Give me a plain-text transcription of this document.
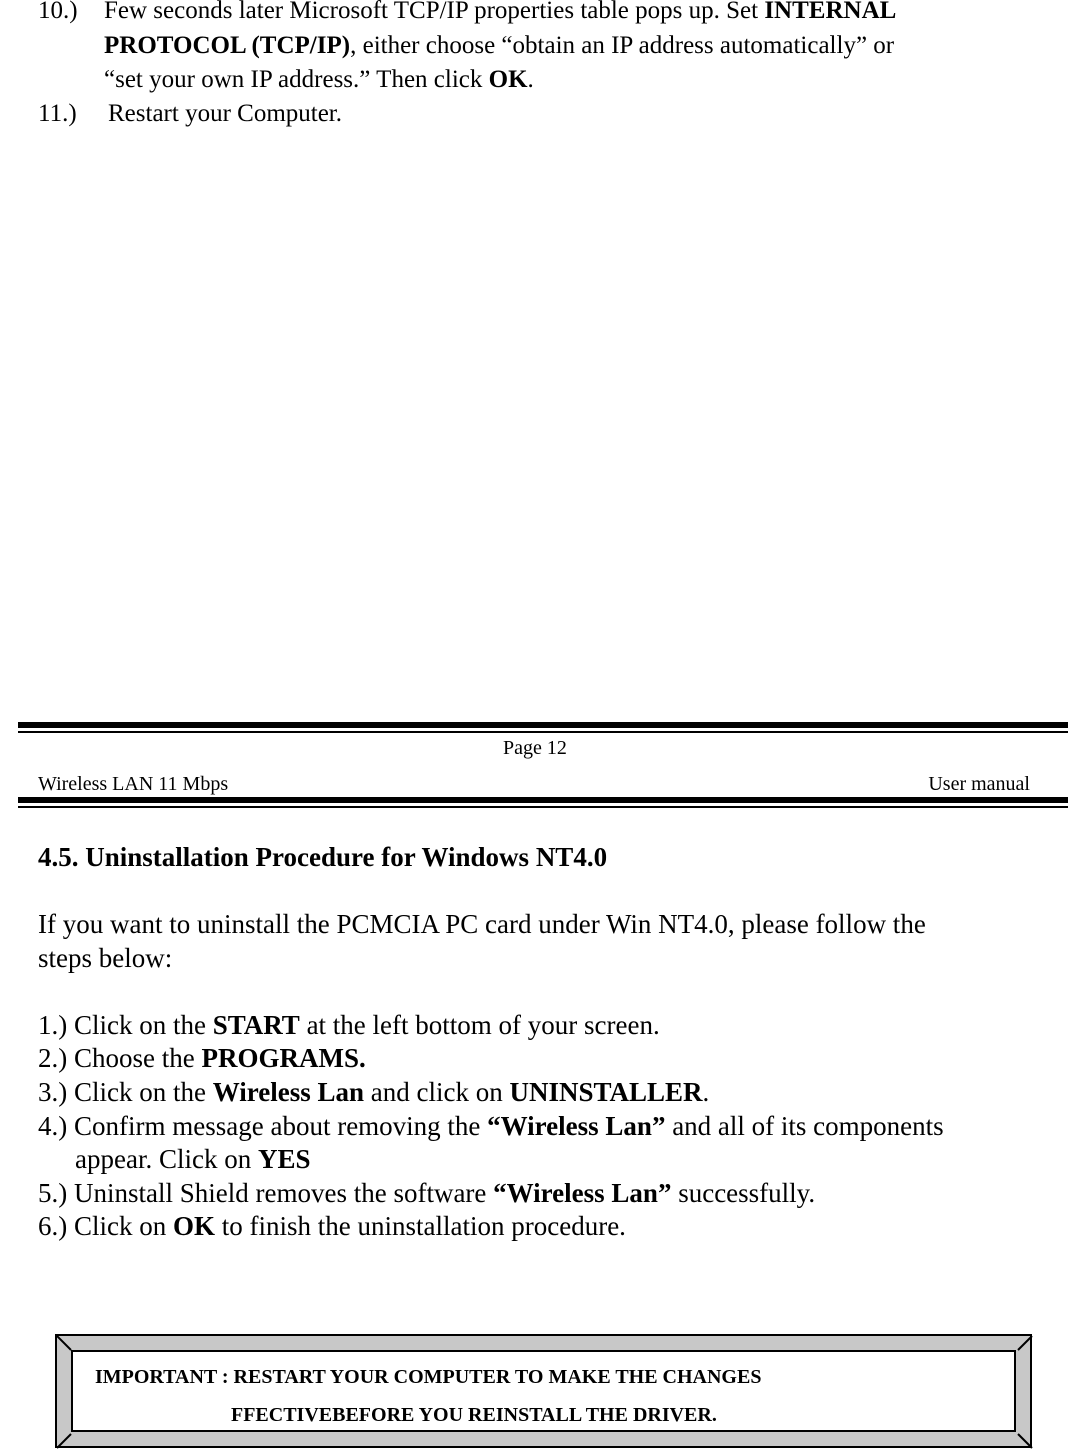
10.) Few seconds later Microsoft TCP/IP properties table pops up. Set INTERNAL
PROTOCOL (TCP/IP), either choose “obtain an IP address automatically” or
“set your own IP address.” Then click OK.
11.) Restart your Computer.
Page 12
Wireless LAN 11 Mbps	User manual
4.5. Uninstallation Procedure for Windows NT4.0
If you want to uninstall the PCMCIA PC card under Win NT4.0, please follow the
steps below:
1.) Click on the START at the left bottom of your screen.
2.) Choose the PROGRAMS.
3.) Click on the Wireless Lan and click on UNINSTALLER.
4.) Confirm message about removing the “Wireless Lan” and all of its components
appear. Click on YES
5.) Uninstall Shield removes the software “Wireless Lan” successfully.
6.) Click on OK to finish the uninstallation procedure.
IMPORTANT : RESTART YOUR COMPUTER TO MAKE THE CHANGES
FFECTIVEBEFORE YOU REINSTALL THE DRIVER.
